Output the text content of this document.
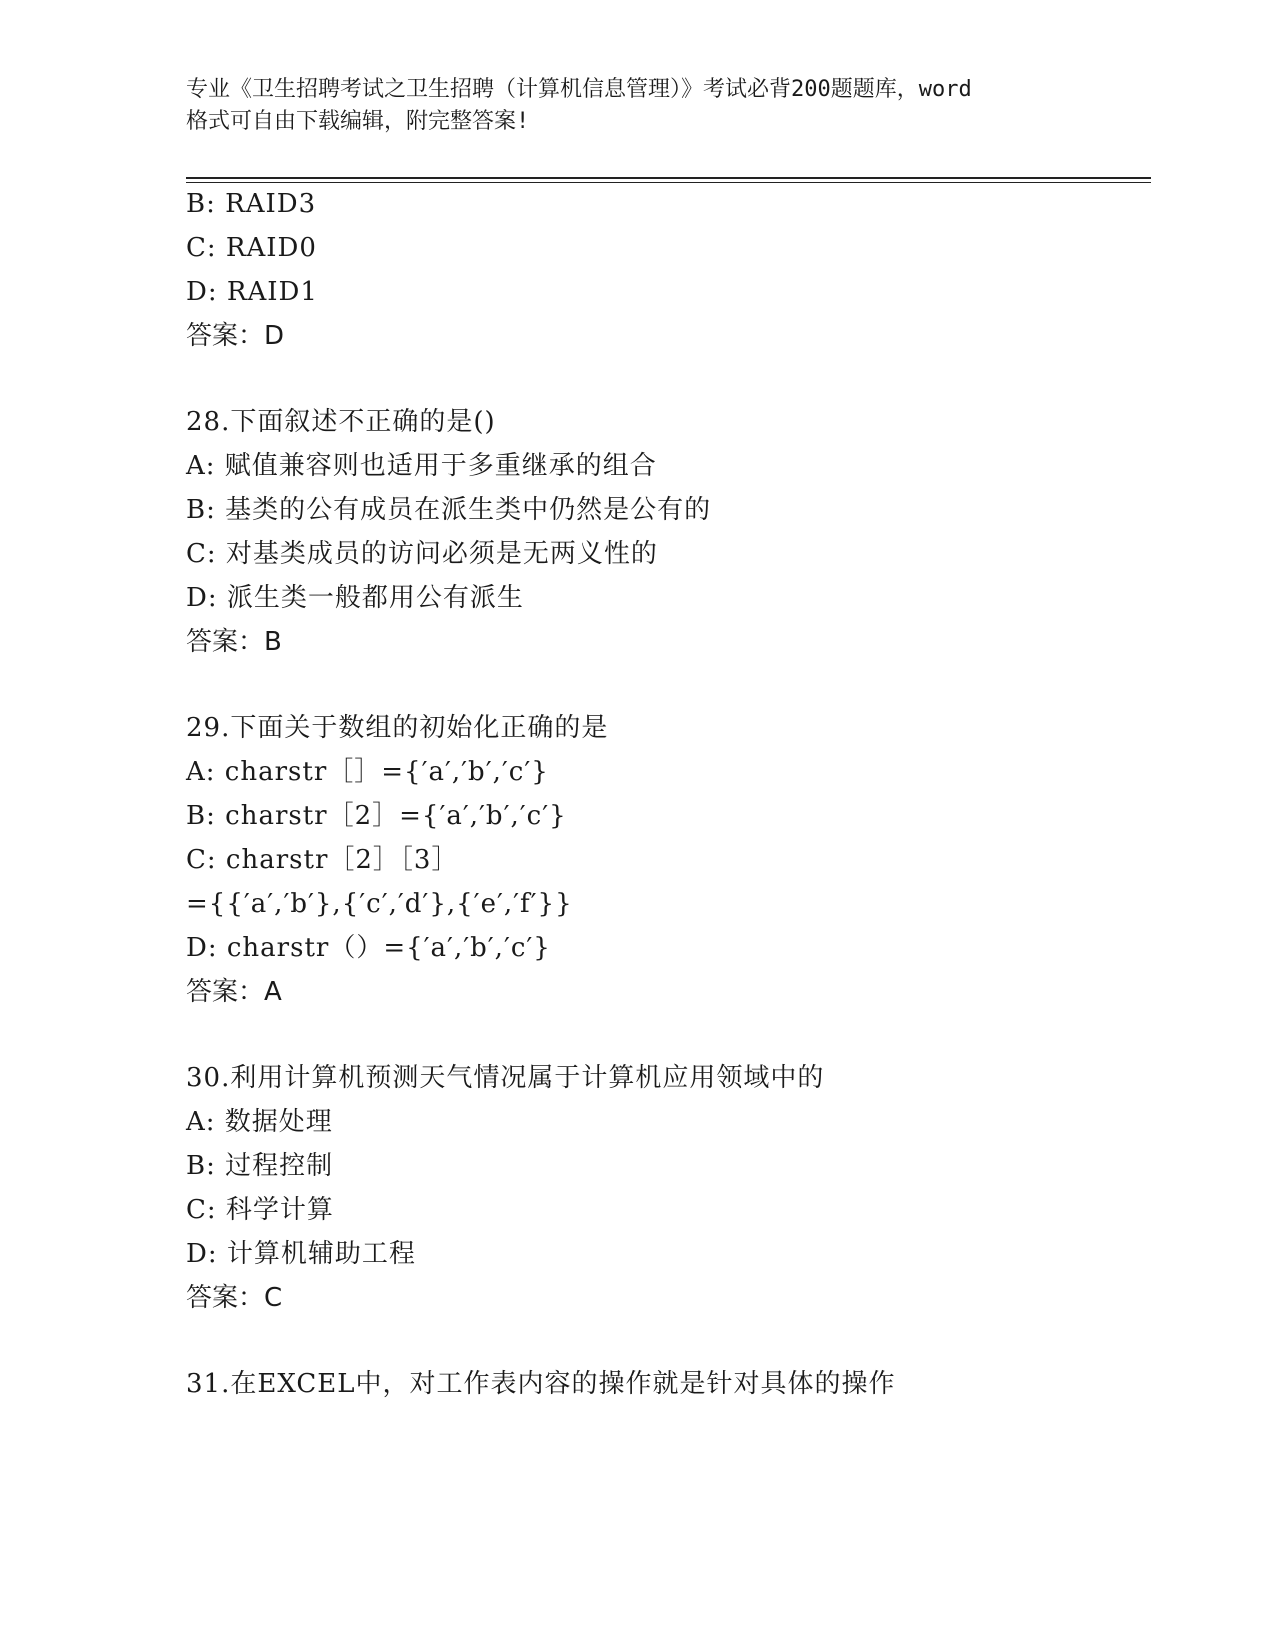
专业《卫生招聘考试之卫生招聘（计算机信息管理）》考试必背200题题库，word
格式可自由下载编辑，附完整答案!
B: RAID3
C: RAID0
D: RAID1
答案：D
28.下面叙述不正确的是()
A: 赋值兼容则也适用于多重继承的组合
B: 基类的公有成员在派生类中仍然是公有的
C: 对基类成员的访问必须是无两义性的
D: 派生类一般都用公有派生
答案：B
29.下面关于数组的初始化正确的是
A: charstr［］={′a′,′b′,′c′}
B: charstr［2］={′a′,′b′,′c′}
C: charstr［2］［3］
={{′a′,′b′},{′c′,′d′},{′e′,′f′}}
D: charstr（）={′a′,′b′,′c′}
答案：A
30.利用计算机预测天气情况属于计算机应用领域中的
A: 数据处理
B: 过程控制
C: 科学计算
D: 计算机辅助工程
答案：C
31.在EXCEL中，对工作表内容的操作就是针对具体的操作
